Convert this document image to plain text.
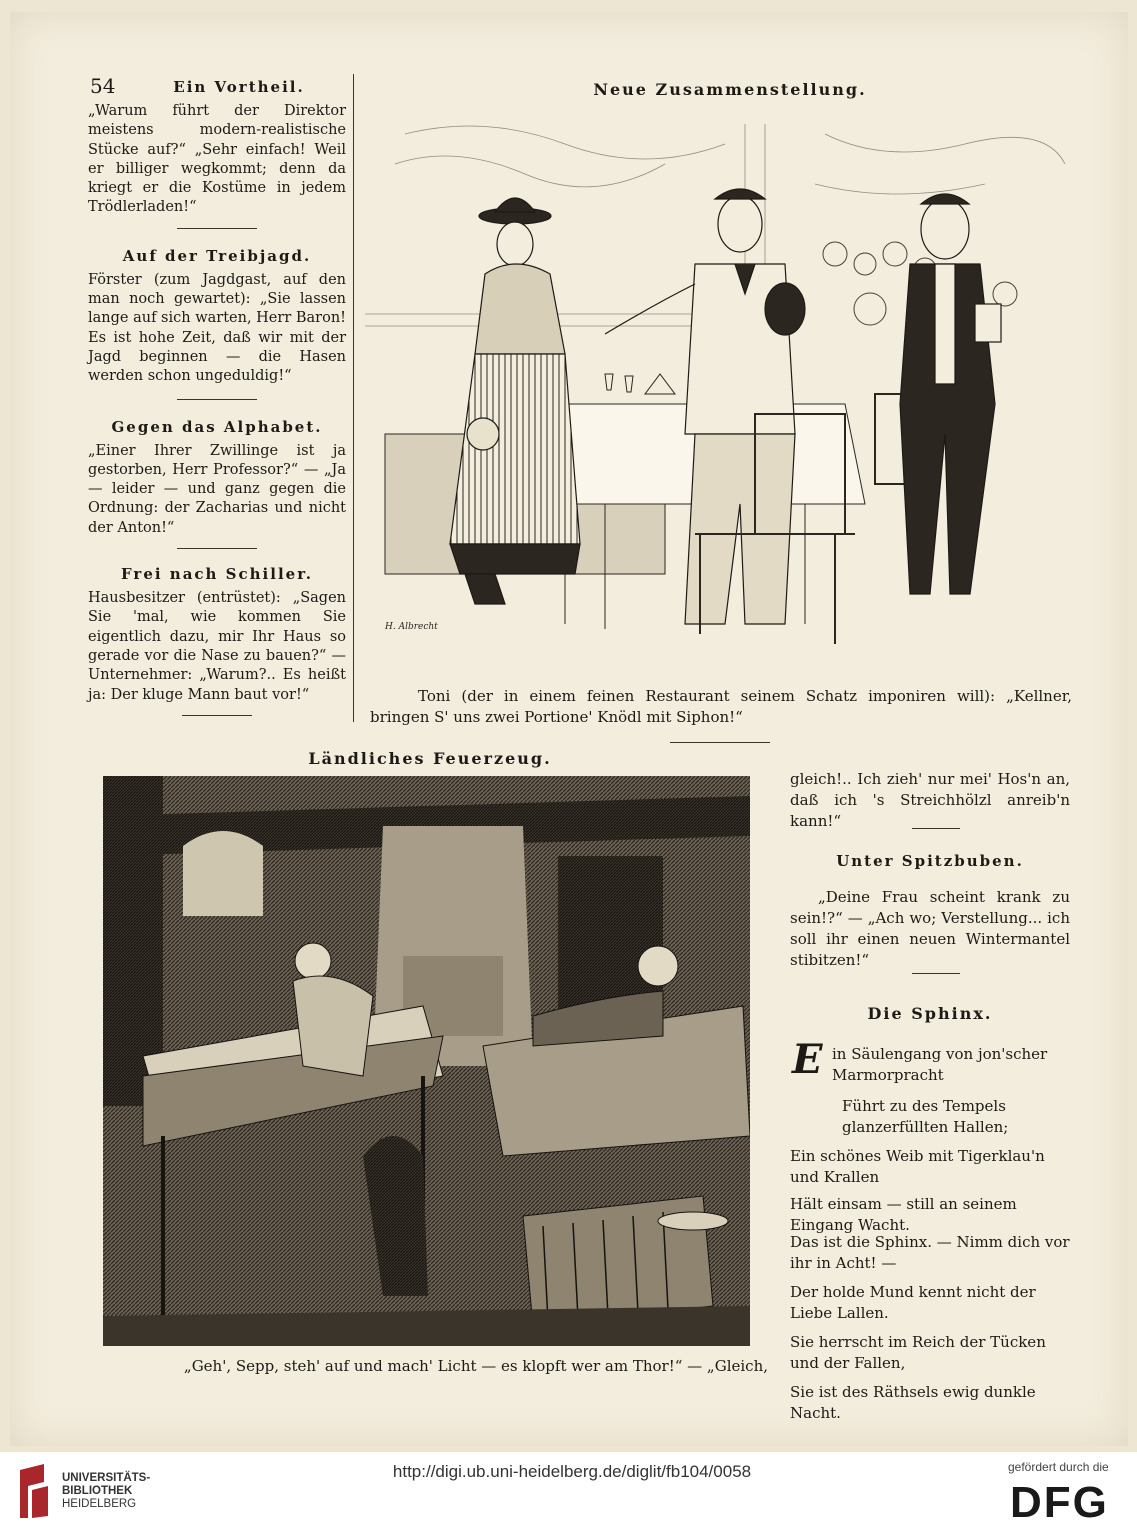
54	Ein Vortheil.
„Warum führt der Direktor meistens modern-realistische Stücke auf?“ „Sehr einfach! Weil er billiger wegkommt; denn da kriegt er die Kostüme in jedem Trödlerladen!“
Auf der Treibjagd.
Förster (zum Jagdgast, auf den man noch gewartet): „Sie lassen lange auf sich warten, Herr Baron! Es ist hohe Zeit, daß wir mit der Jagd beginnen — die Hasen werden schon ungeduldig!“
Gegen das Alphabet.
„Einer Ihrer Zwillinge ist ja gestorben, Herr Professor?“ — „Ja — leider — und ganz gegen die Ordnung: der Zacharias und nicht der Anton!“
Frei nach Schiller.
Hausbesitzer (entrüstet): „Sagen Sie 'mal, wie kommen Sie eigentlich dazu, mir Ihr Haus so gerade vor die Nase zu bauen?“ — Unternehmer: „Warum?.. Es heißt ja: Der kluge Mann baut vor!“
Neue Zusammenstellung.
H. Albrecht
Toni (der in einem feinen Restaurant seinem Schatz imponiren will): „Kellner, bringen S' uns zwei Portione' Knödl mit Siphon!“
Ländliches Feuerzeug.
„Geh', Sepp, steh' auf und mach' Licht — es klopft wer am Thor!“ — „Gleich,
gleich!.. Ich zieh' nur mei' Hos'n an, daß ich 's Streichhölzl anreib'n kann!“
Unter Spitzbuben.
„Deine Frau scheint krank zu sein!?“ — „Ach wo; Verstellung... ich soll ihr einen neuen Wintermantel stibitzen!“
Die Sphinx.
E in Säulengang von jon'scher Marmorpracht
Führt zu des Tempels glanzerfüllten Hallen;
Ein schönes Weib mit Tigerklau'n und Krallen
Hält einsam — still an seinem Eingang Wacht.
Das ist die Sphinx. — Nimm dich vor ihr in Acht! —
Der holde Mund kennt nicht der Liebe Lallen.
Sie herrscht im Reich der Tücken und der Fallen,
Sie ist des Räthsels ewig dunkle Nacht.
UNIVERSITÄTS-
BIBLIOTHEK
HEIDELBERG
http://digi.ub.uni-heidelberg.de/diglit/fb104/0058	gefördert durch die
DFG
